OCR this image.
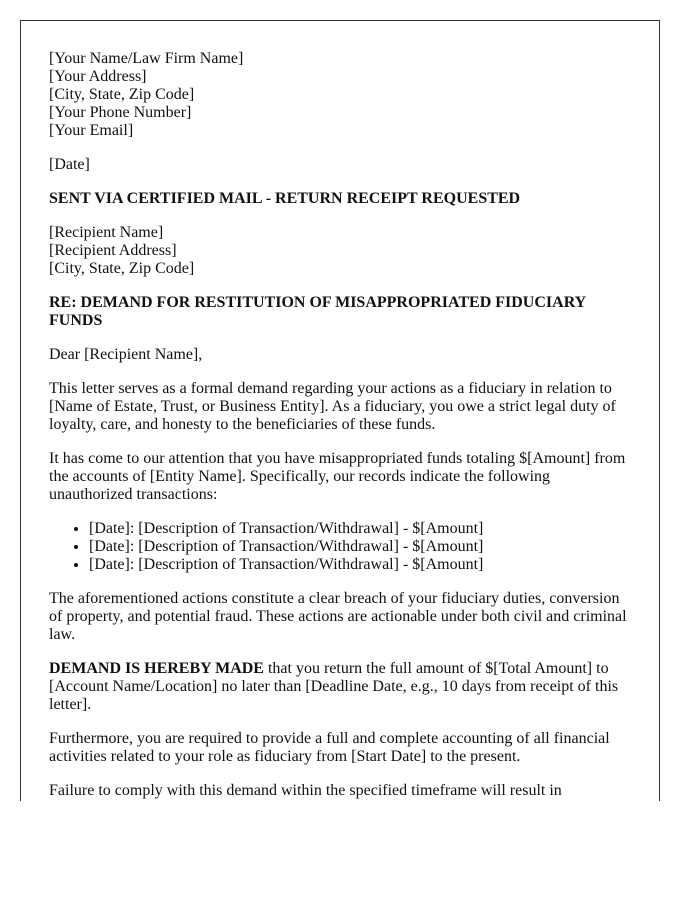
[Your Name/Law Firm Name]
[Your Address]
[City, State, Zip Code]
[Your Phone Number]
[Your Email]

[Date]

SENT VIA CERTIFIED MAIL - RETURN RECEIPT REQUESTED

[Recipient Name]
[Recipient Address]
[City, State, Zip Code]

RE: DEMAND FOR RESTITUTION OF MISAPPROPRIATED FIDUCIARY FUNDS

Dear [Recipient Name],

This letter serves as a formal demand regarding your actions as a fiduciary in relation to [Name of Estate, Trust, or Business Entity]. As a fiduciary, you owe a strict legal duty of loyalty, care, and honesty to the beneficiaries of these funds.

It has come to our attention that you have misappropriated funds totaling $[Amount] from the accounts of [Entity Name]. Specifically, our records indicate the following unauthorized transactions:

• [Date]: [Description of Transaction/Withdrawal] - $[Amount]
• [Date]: [Description of Transaction/Withdrawal] - $[Amount]
• [Date]: [Description of Transaction/Withdrawal] - $[Amount]

The aforementioned actions constitute a clear breach of your fiduciary duties, conversion of property, and potential fraud. These actions are actionable under both civil and criminal law.

DEMAND IS HEREBY MADE that you return the full amount of $[Total Amount] to [Account Name/Location] no later than [Deadline Date, e.g., 10 days from receipt of this letter].

Furthermore, you are required to provide a full and complete accounting of all financial activities related to your role as fiduciary from [Start Date] to the present.

Failure to comply with this demand within the specified timeframe will result in
